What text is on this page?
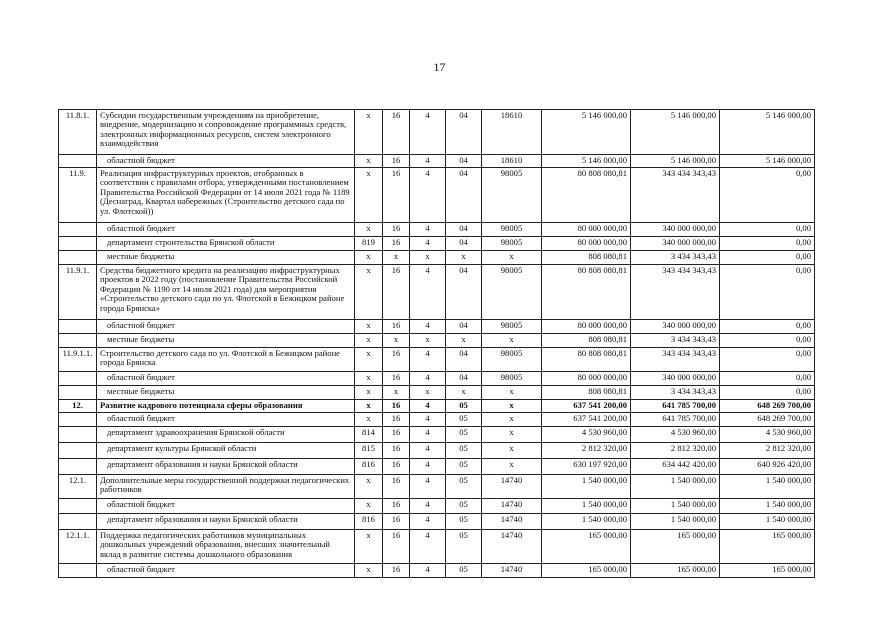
17
11.8.1.	Субсидии государственным учреждениям на приобретение, внедрение, модернизацию и сопровождение программных средств, электронных информационных ресурсов, систем электронного взаимодействия	x	16	4	04	18610	5 146 000,00	5 146 000,00	5 146 000,00
	областной бюджет	x	16	4	04	18610	5 146 000,00	5 146 000,00	5 146 000,00
11.9.	Реализация инфраструктурных проектов, отобранных в соответствии с правилами отбора, утвержденными постановлением Правительства Российской Федерации от 14 июля 2021 года № 1189 (Деснаград, Квартал набережных (Строительство детского сада по ул. Флотской))	x	16	4	04	98005	80 808 080,81	343 434 343,43	0,00
	областной бюджет	x	16	4	04	98005	80 000 000,00	340 000 000,00	0,00
	департамент строительства Брянской области	819	16	4	04	98005	80 000 000,00	340 000 000,00	0,00
	местные бюджеты	x	x	x	x	x	808 080,81	3 434 343,43	0,00
11.9.1.	Средства бюджетного кредита на реализацию инфраструктурных проектов в 2022 году (постановление Правительства Российской Федерации № 1190 от 14 июля 2021 года) для мероприятия «Строительство детского сада по ул. Флотской в Бежицком районе города Брянска»	x	16	4	04	98005	80 808 080,81	343 434 343,43	0,00
	областной бюджет	x	16	4	04	98005	80 000 000,00	340 000 000,00	0,00
	местные бюджеты	x	x	x	x	x	808 080,81	3 434 343,43	0,00
11.9.1.1.	Строительство детского сада по ул. Флотской в Бежицком районе города Брянска	x	16	4	04	98005	80 808 080,81	343 434 343,43	0,00
	областной бюджет	x	16	4	04	98005	80 000 000,00	340 000 000,00	0,00
	местные бюджеты	x	x	x	x	x	808 080,81	3 434 343,43	0,00
12.	Развитие кадрового потенциала сферы образования	x	16	4	05	x	637 541 200,00	641 785 700,00	648 269 700,00
	областной бюджет	x	16	4	05	x	637 541 200,00	641 785 700,00	648 269 700,00
	департамент здравоохранения Брянской области	814	16	4	05	x	4 530 960,00	4 530 960,00	4 530 960,00
	департамент культуры Брянской области	815	16	4	05	x	2 812 320,00	2 812 320,00	2 812 320,00
	департамент образования и науки Брянской области	816	16	4	05	x	630 197 920,00	634 442 420,00	640 926 420,00
12.1.	Дополнительные меры государственной поддержки педагогических работников	x	16	4	05	14740	1 540 000,00	1 540 000,00	1 540 000,00
	областной бюджет	x	16	4	05	14740	1 540 000,00	1 540 000,00	1 540 000,00
	департамент образования и науки Брянской области	816	16	4	05	14740	1 540 000,00	1 540 000,00	1 540 000,00
12.1.1.	Поддержка педагогических работников муниципальных дошкольных учреждений образования, внесших значительный вклад в развитие системы дошкольного образования	x	16	4	05	14740	165 000,00	165 000,00	165 000,00
	областной бюджет	x	16	4	05	14740	165 000,00	165 000,00	165 000,00
